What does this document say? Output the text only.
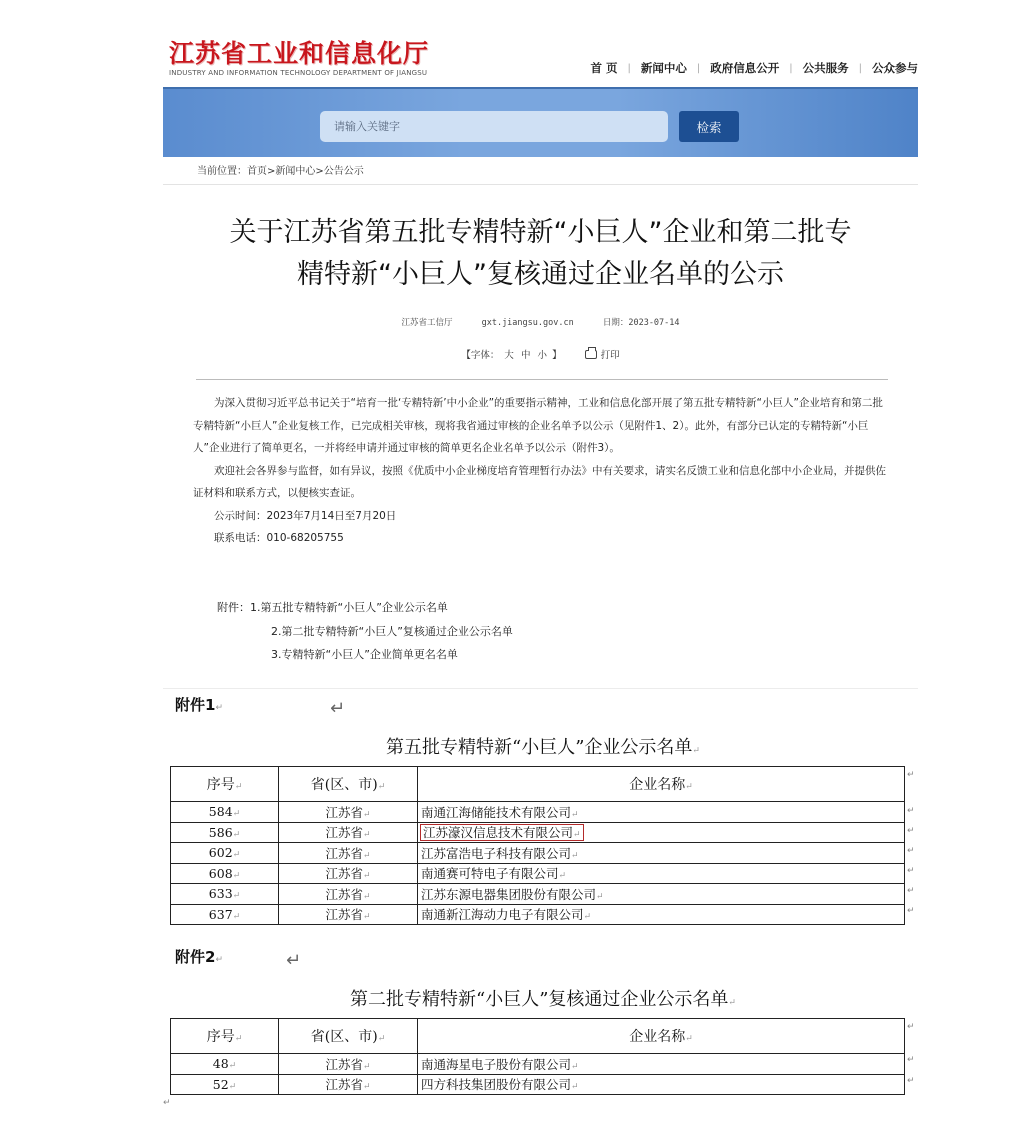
江苏省工业和信息化厅
INDUSTRY AND INFORMATION TECHNOLOGY DEPARTMENT OF JIANGSU	首 页	| 新闻中心	| 政府信息公开	| 公共服务	| 公众参与
请输入关键字
检索
当前位置：首页>新闻中心>公告公示
关于江苏省第五批专精特新“小巨人”企业和第二批专
精特新“小巨人”复核通过企业名单的公示
江苏省工信厅	gxt.jiangsu.gov.cn	日期：2023-07-14
【字体： 大 中 小 】	打印

为深入贯彻习近平总书记关于“培育一批‘专精特新’中小企业”的重要指示精神，工业和信息化部开展了第五批专精特新“小巨人”企业培育和第二批专精特新“小巨人”企业复核工作，已完成相关审核，现将我省通过审核的企业名单予以公示（见附件1、2）。此外，有部分已认定的专精特新“小巨人”企业进行了简单更名，一并将经申请并通过审核的简单更名企业名单予以公示（附件3）。

欢迎社会各界参与监督，如有异议，按照《优质中小企业梯度培育管理暂行办法》中有关要求，请实名反馈工业和信息化部中小企业局，并提供佐证材料和联系方式，以便核实查证。

公示时间：2023年7月14日至7月20日

联系电话：010-68205755

附件：1.第五批专精特新“小巨人”企业公示名单
2.第二批专精特新“小巨人”复核通过企业公示名单
3.专精特新“小巨人”企业简单更名名单
附件1↵	↵
第五批专精特新“小巨人”企业公示名单↵
序号↵	省(区、市)↵	企业名称↵
584↵	江苏省↵	南通江海储能技术有限公司↵
586↵	江苏省↵	江苏濠汉信息技术有限公司↵
602↵	江苏省↵	江苏富浩电子科技有限公司↵
608↵	江苏省↵	南通赛可特电子有限公司↵
633↵	江苏省↵	江苏东源电器集团股份有限公司↵
637↵	江苏省↵	南通新江海动力电子有限公司↵
附件2↵	↵
第二批专精特新“小巨人”复核通过企业公示名单↵
序号↵	省(区、市)↵	企业名称↵
48↵	江苏省↵	南通海星电子股份有限公司↵
52↵	江苏省↵	四方科技集团股份有限公司↵
↵
↵
↵
↵
↵
↵
↵
↵
↵
↵
↵
